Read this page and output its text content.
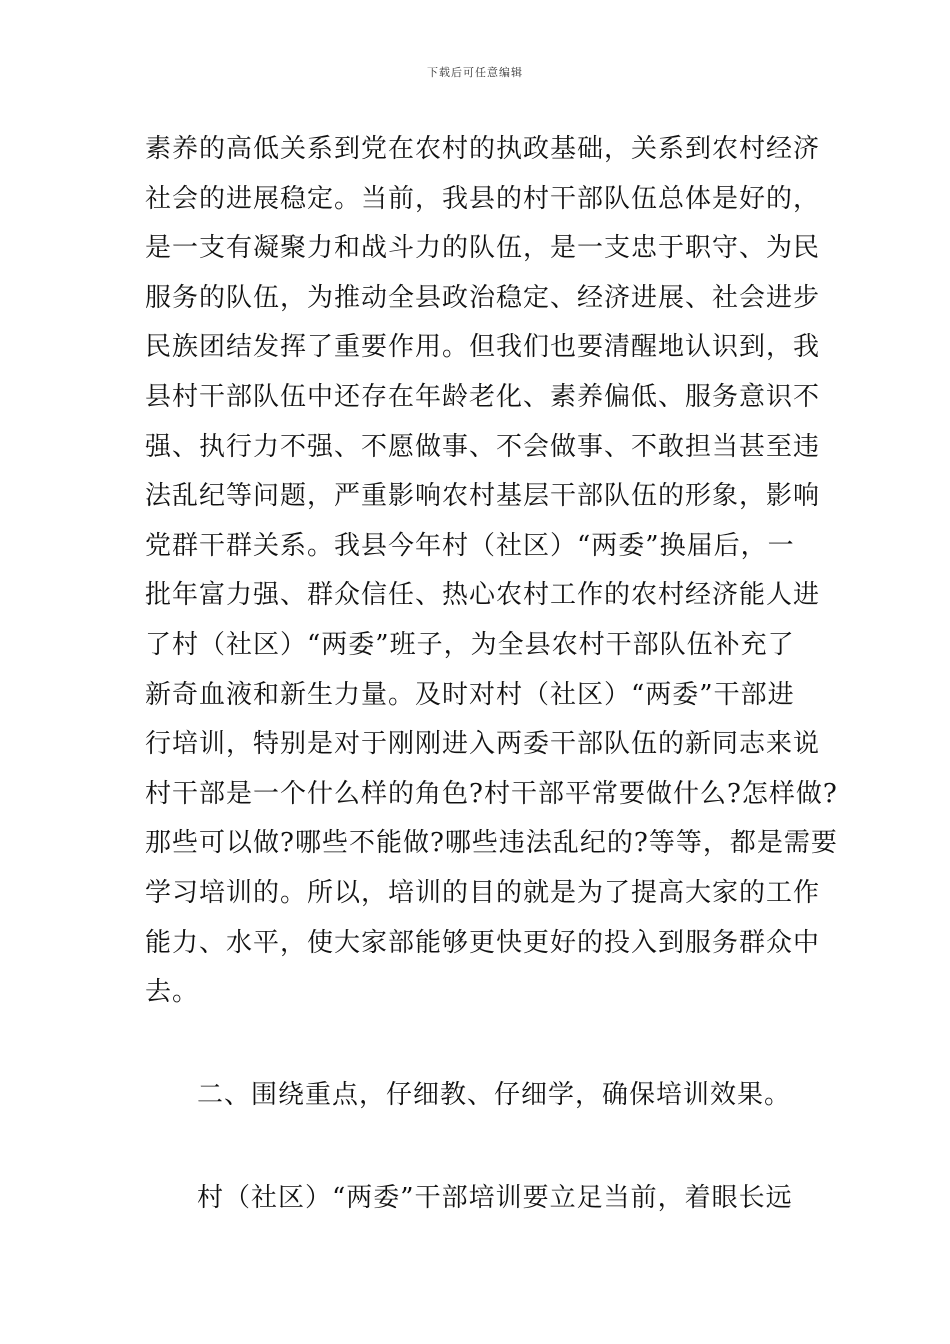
下载后可任意编辑
素养的高低关系到党在农村的执政基础，关系到农村经济
社会的进展稳定。当前，我县的村干部队伍总体是好的，
是一支有凝聚力和战斗力的队伍，是一支忠于职守、为民
服务的队伍，为推动全县政治稳定、经济进展、社会进步
民族团结发挥了重要作用。但我们也要清醒地认识到，我
县村干部队伍中还存在年龄老化、素养偏低、服务意识不
强、执行力不强、不愿做事、不会做事、不敢担当甚至违
法乱纪等问题，严重影响农村基层干部队伍的形象，影响
党群干群关系。我县今年村（社区）“两委”换届后，一
批年富力强、群众信任、热心农村工作的农村经济能人进
了村（社区）“两委”班子，为全县农村干部队伍补充了
新奇血液和新生力量。及时对村（社区）“两委”干部进
行培训，特别是对于刚刚进入两委干部队伍的新同志来说
村干部是一个什么样的角色?村干部平常要做什么?怎样做?
那些可以做?哪些不能做?哪些违法乱纪的?等等，都是需要
学习培训的。所以，培训的目的就是为了提高大家的工作
能力、水平，使大家部能够更快更好的投入到服务群众中
去。
二、围绕重点，仔细教、仔细学，确保培训效果。
村（社区）“两委”干部培训要立足当前，着眼长远
